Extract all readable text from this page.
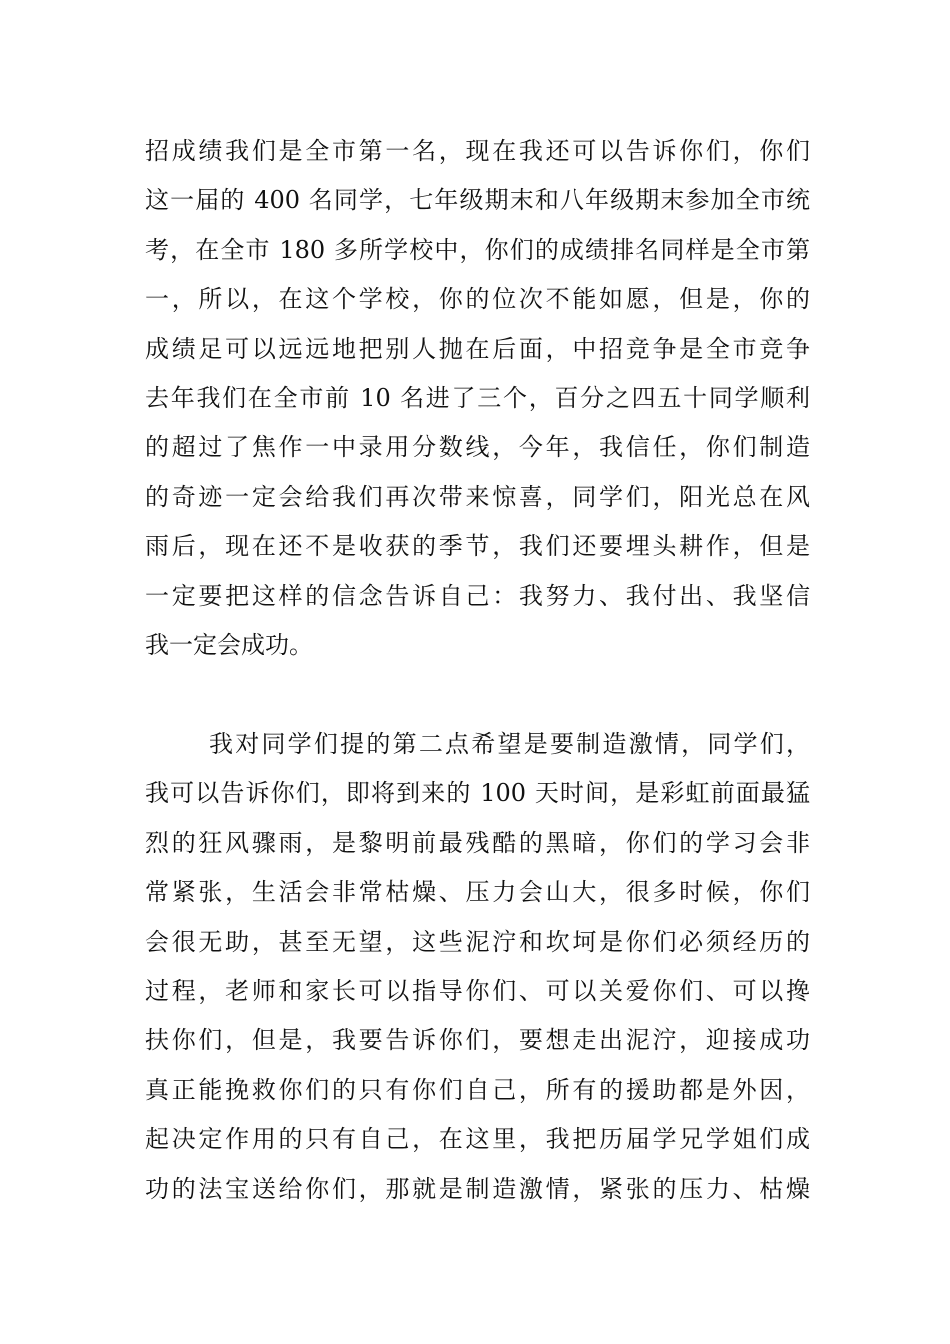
招成绩我们是全市第一名，现在我还可以告诉你们，你们
这一届的 400 名同学，七年级期末和八年级期末参加全市统
考，在全市 180 多所学校中，你们的成绩排名同样是全市第
一，所以，在这个学校，你的位次不能如愿，但是，你的
成绩足可以远远地把别人抛在后面，中招竞争是全市竞争
去年我们在全市前 10 名进了三个，百分之四五十同学顺利
的超过了焦作一中录用分数线，今年，我信任，你们制造
的奇迹一定会给我们再次带来惊喜，同学们，阳光总在风
雨后，现在还不是收获的季节，我们还要埋头耕作，但是
一定要把这样的信念告诉自己：我努力、我付出、我坚信
我一定会成功。
我对同学们提的第二点希望是要制造激情，同学们，
我可以告诉你们，即将到来的 100 天时间，是彩虹前面最猛
烈的狂风骤雨，是黎明前最残酷的黑暗，你们的学习会非
常紧张，生活会非常枯燥、压力会山大，很多时候，你们
会很无助，甚至无望，这些泥泞和坎坷是你们必须经历的
过程，老师和家长可以指导你们、可以关爱你们、可以搀
扶你们，但是，我要告诉你们，要想走出泥泞，迎接成功
真正能挽救你们的只有你们自己，所有的援助都是外因，
起决定作用的只有自己，在这里，我把历届学兄学姐们成
功的法宝送给你们，那就是制造激情，紧张的压力、枯燥
